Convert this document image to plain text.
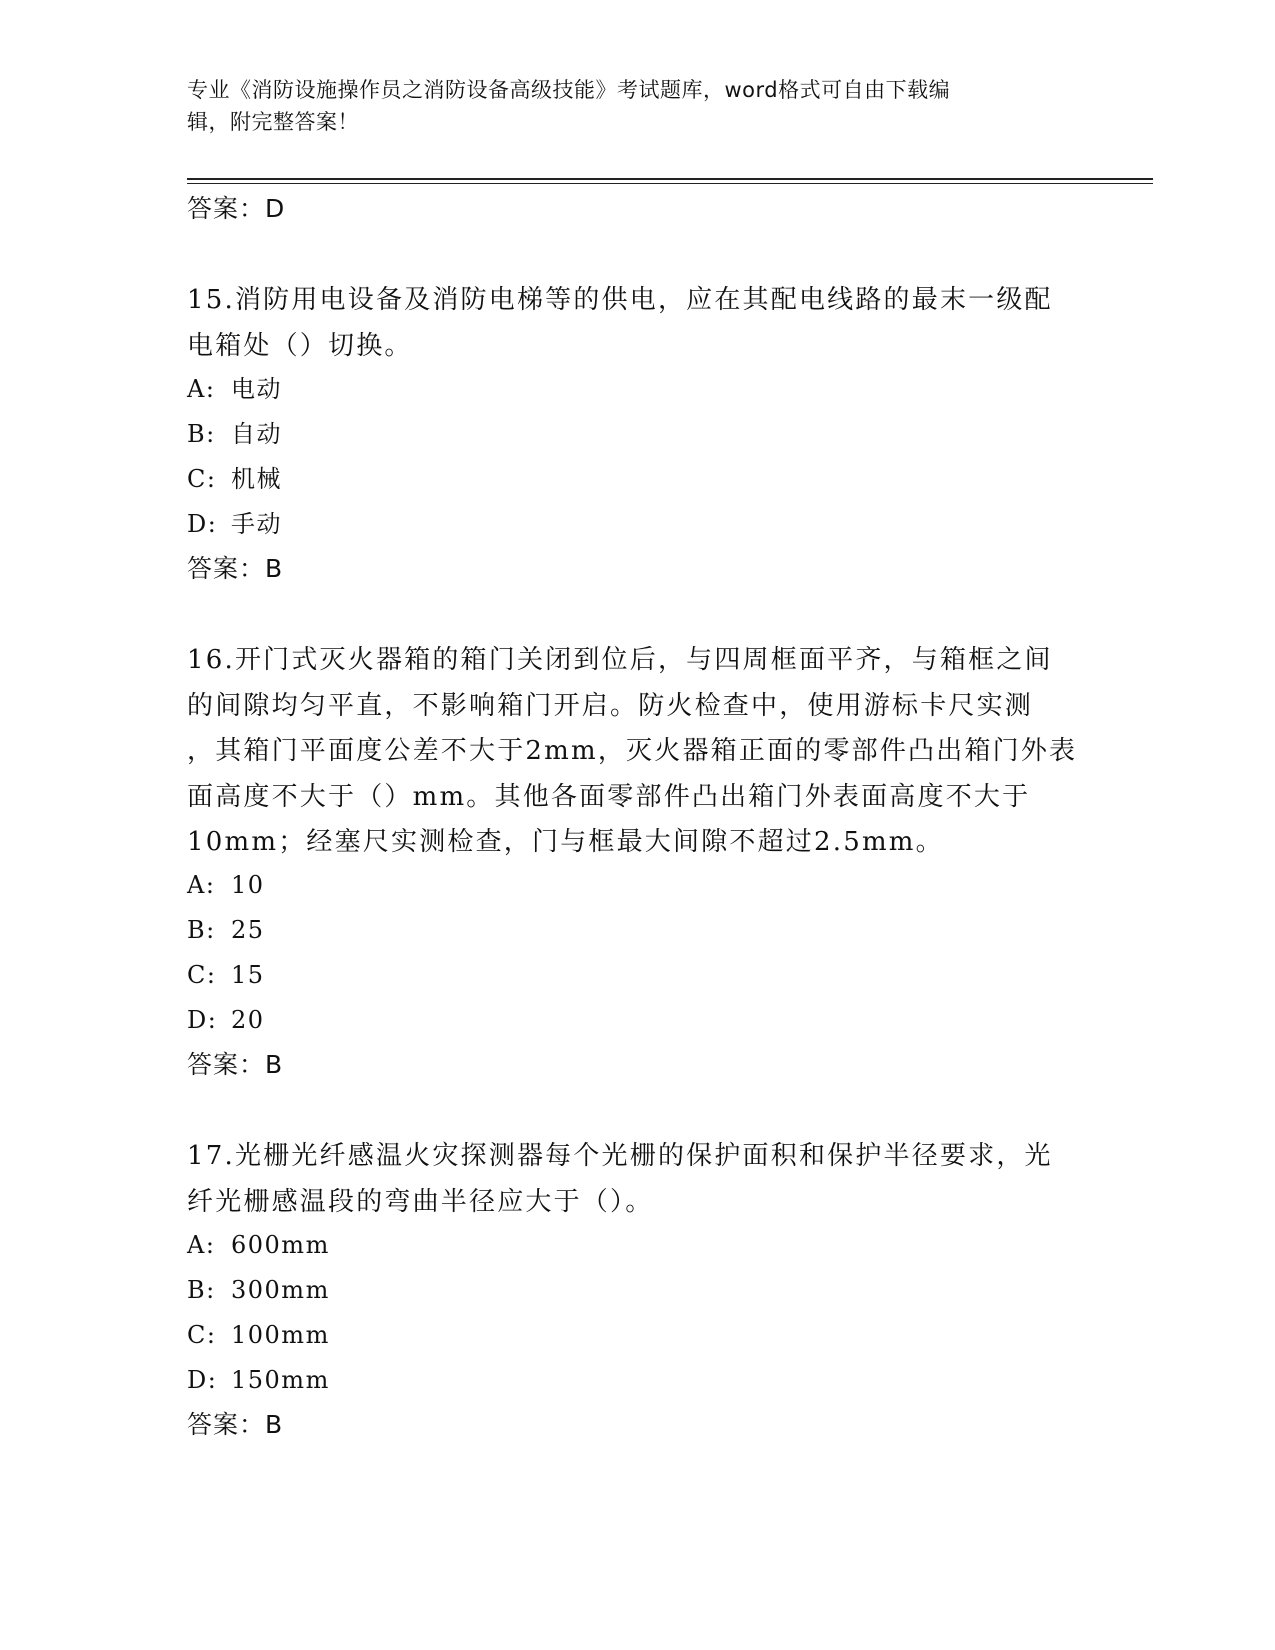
专业《消防设施操作员之消防设备高级技能》考试题库，word格式可自由下载编
辑，附完整答案！
答案：D
15.消防用电设备及消防电梯等的供电，应在其配电线路的最末一级配
电箱处（）切换。
A: 电动
B: 自动
C: 机械
D: 手动
答案：B
16.开门式灭火器箱的箱门关闭到位后，与四周框面平齐，与箱框之间
的间隙均匀平直，不影响箱门开启。防火检查中，使用游标卡尺实测
，其箱门平面度公差不大于2mm，灭火器箱正面的零部件凸出箱门外表
面高度不大于（）mm。其他各面零部件凸出箱门外表面高度不大于
10mm；经塞尺实测检查，门与框最大间隙不超过2.5mm。
A: 10
B: 25
C: 15
D: 20
答案：B
17.光栅光纤感温火灾探测器每个光栅的保护面积和保护半径要求，光
纤光栅感温段的弯曲半径应大于（）。
A: 600mm
B: 300mm
C: 100mm
D: 150mm
答案：B
